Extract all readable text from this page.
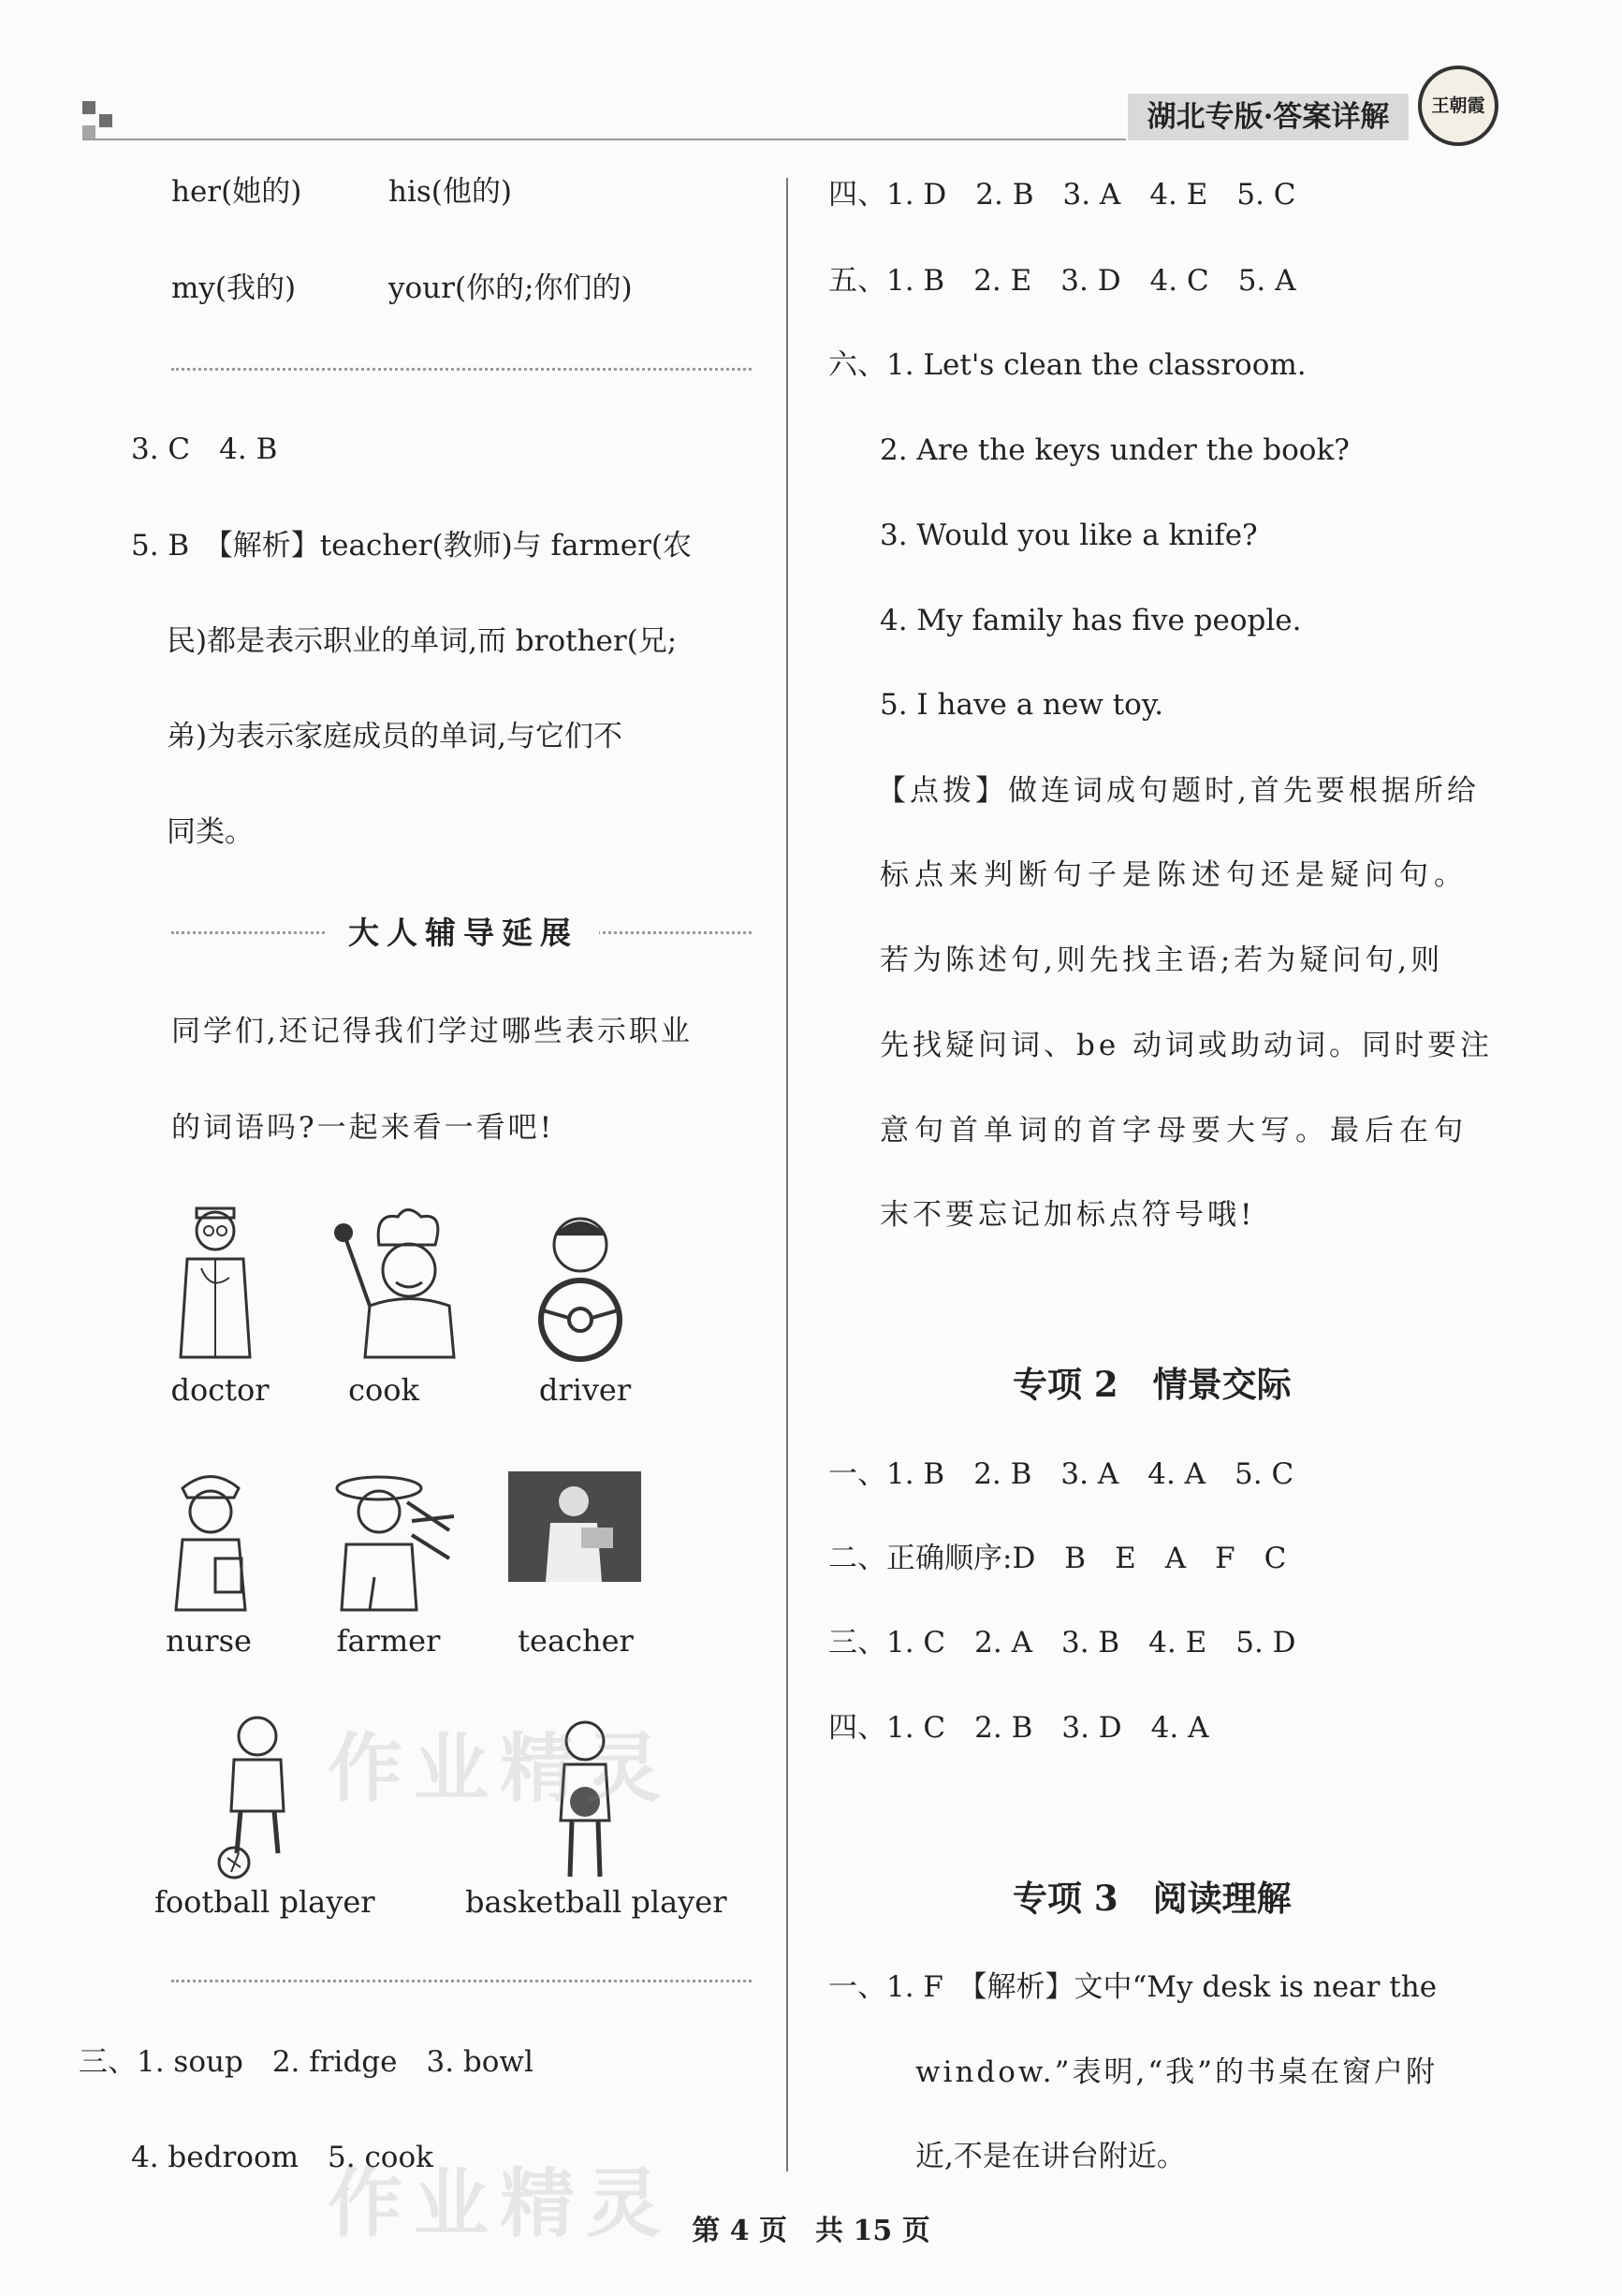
湖北专版·答案详解	王朝霞
her(她的)	his(他的)
my(我的)	your(你的;你们的)
3. C　4. B
5. B　【解析】teacher(教师)与 farmer(农
民)都是表示职业的单词,而 brother(兄;
弟)为表示家庭成员的单词,与它们不
同类。
大人辅导延展
同学们,还记得我们学过哪些表示职业
的词语吗?一起来看一看吧!
doctor	cook	driver
nurse	farmer	teacher
football player	basketball player
三、1. soup　2. fridge　3. bowl
4. bedroom　5. cook
四、1. D　2. B　3. A　4. E　5. C
五、1. B　2. E　3. D　4. C　5. A
六、1. Let's clean the classroom.
2. Are the keys under the book?
3. Would you like a knife?
4. My family has five people.
5. I have a new toy.
【点拨】做连词成句题时,首先要根据所给
标点来判断句子是陈述句还是疑问句。
若为陈述句,则先找主语;若为疑问句,则
先找疑问词、be 动词或助动词。同时要注
意句首单词的首字母要大写。最后在句
末不要忘记加标点符号哦!
专项 2　情景交际
一、1. B　2. B　3. A　4. A　5. C
二、正确顺序:D　B　E　A　F　C
三、1. C　2. A　3. B　4. E　5. D
四、1. C　2. B　3. D　4. A
专项 3　阅读理解
一、1. F　【解析】文中“My desk is near the
window.”表明,“我”的书桌在窗户附
近,不是在讲台附近。
作业精灵
作业精灵 第 4 页　共 15 页
